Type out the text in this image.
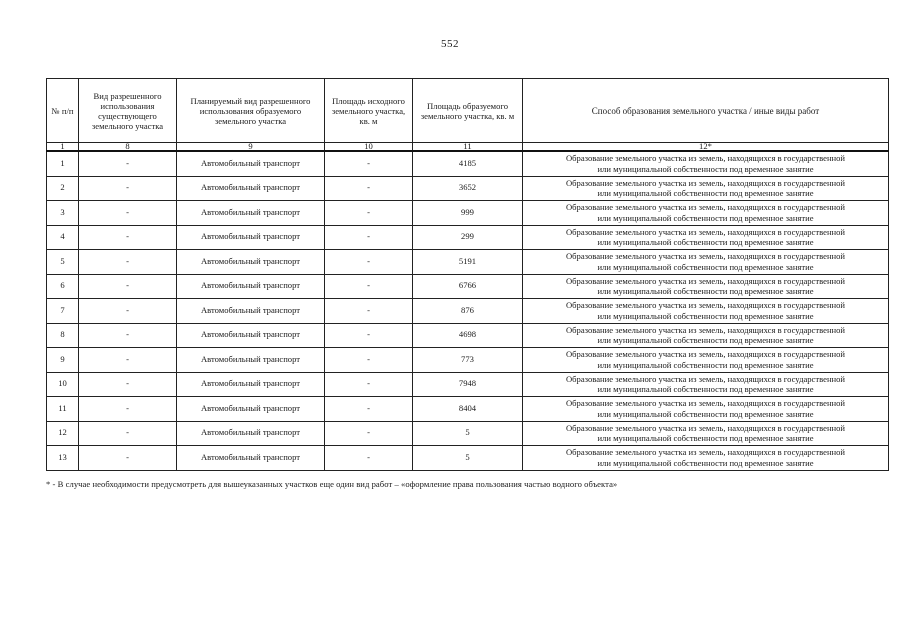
552
№ п/п	Вид разрешенного использования существующего земельного участка	Планируемый вид разрешенного использования образуемого земельного участка	Площадь исходного земельного участка, кв. м	Площадь образуемого земельного участка, кв. м	Способ образования земельного участка / иные виды работ
1	8	9	10	11	12*
1	-	Автомобильный транспорт	-	4185	Образование земельного участка из земель, находящихся в государственной
или муниципальной собственности под временное занятие

2	-	Автомобильный транспорт	-	3652	Образование земельного участка из земель, находящихся в государственной
или муниципальной собственности под временное занятие

3	-	Автомобильный транспорт	-	999	Образование земельного участка из земель, находящихся в государственной
или муниципальной собственности под временное занятие

4	-	Автомобильный транспорт	-	299	Образование земельного участка из земель, находящихся в государственной
или муниципальной собственности под временное занятие

5	-	Автомобильный транспорт	-	5191	Образование земельного участка из земель, находящихся в государственной
или муниципальной собственности под временное занятие

6	-	Автомобильный транспорт	-	6766	Образование земельного участка из земель, находящихся в государственной
или муниципальной собственности под временное занятие

7	-	Автомобильный транспорт	-	876	Образование земельного участка из земель, находящихся в государственной
или муниципальной собственности под временное занятие

8	-	Автомобильный транспорт	-	4698	Образование земельного участка из земель, находящихся в государственной
или муниципальной собственности под временное занятие

9	-	Автомобильный транспорт	-	773	Образование земельного участка из земель, находящихся в государственной
или муниципальной собственности под временное занятие

10	-	Автомобильный транспорт	-	7948	Образование земельного участка из земель, находящихся в государственной
или муниципальной собственности под временное занятие

11	-	Автомобильный транспорт	-	8404	Образование земельного участка из земель, находящихся в государственной
или муниципальной собственности под временное занятие

12	-	Автомобильный транспорт	-	5	Образование земельного участка из земель, находящихся в государственной
или муниципальной собственности под временное занятие

13	-	Автомобильный транспорт	-	5	Образование земельного участка из земель, находящихся в государственной
или муниципальной собственности под временное занятие
* - В случае необходимости предусмотреть для вышеуказанных участков еще один вид работ – «оформление права пользования частью водного объекта»
